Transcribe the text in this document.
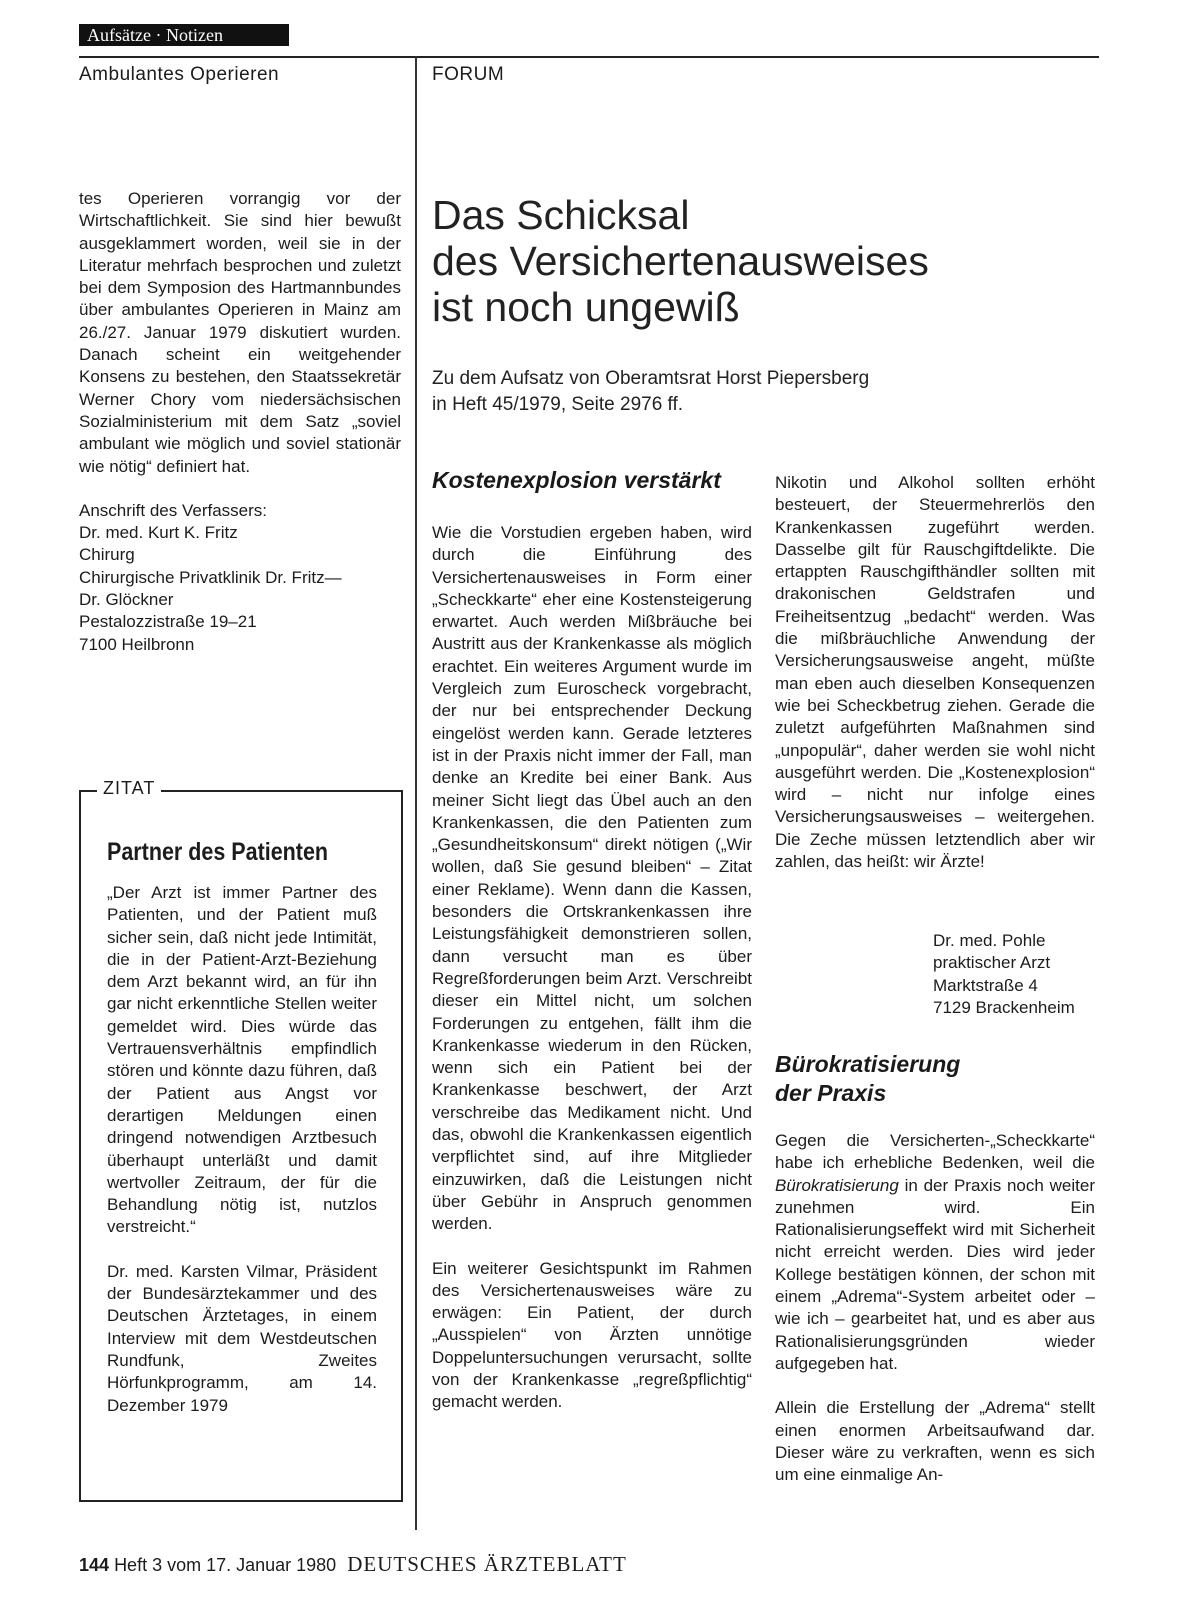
Aufsätze · Notizen
Ambulantes Operieren	FORUM

tes Operieren vorrangig vor der Wirtschaftlichkeit. Sie sind hier bewußt ausgeklammert worden, weil sie in der Literatur mehrfach besprochen und zuletzt bei dem Symposion des Hartmannbundes über ambulantes Operieren in Mainz am 26./27. Januar 1979 diskutiert wurden. Danach scheint ein weitgehender Konsens zu bestehen, den Staatssekretär Werner Chory vom niedersächsischen Sozialministerium mit dem Satz „soviel ambulant wie möglich und soviel stationär wie nötig“ definiert hat.

Anschrift des Verfassers:
Dr. med. Kurt K. Fritz
Chirurg
Chirurgische Privatklinik Dr. Fritz—
Dr. Glöckner
Pestalozzistraße 19–21
7100 Heilbronn

ZITAT
Partner des Patienten

„Der Arzt ist immer Partner des Patienten, und der Patient muß sicher sein, daß nicht jede Intimität, die in der Patient-Arzt-Beziehung dem Arzt bekannt wird, an für ihn gar nicht erkenntliche Stellen weiter gemeldet wird. Dies würde das Vertrauensverhältnis empfindlich stören und könnte dazu führen, daß der Patient aus Angst vor derartigen Meldungen einen dringend notwendigen Arztbesuch überhaupt unterläßt und damit wertvoller Zeitraum, der für die Behandlung nötig ist, nutzlos verstreicht.“

Dr. med. Karsten Vilmar, Präsident der Bundesärztekammer und des Deutschen Ärztetages, in einem Interview mit dem Westdeutschen Rundfunk, Zweites Hörfunkprogramm, am 14. Dezember 1979

Das Schicksal
des Versichertenausweises
ist noch ungewiß
Zu dem Aufsatz von Oberamtsrat Horst Piepersberg
in Heft 45/1979, Seite 2976 ff.
Kostenexplosion verstärkt

Wie die Vorstudien ergeben haben, wird durch die Einführung des Versichertenausweises in Form einer „Scheckkarte“ eher eine Kostensteigerung erwartet. Auch werden Mißbräuche bei Austritt aus der Krankenkasse als möglich erachtet. Ein weiteres Argument wurde im Vergleich zum Euroscheck vorgebracht, der nur bei entsprechender Deckung eingelöst werden kann. Gerade letzteres ist in der Praxis nicht immer der Fall, man denke an Kredite bei einer Bank. Aus meiner Sicht liegt das Übel auch an den Krankenkassen, die den Patienten zum „Gesundheitskonsum“ direkt nötigen („Wir wollen, daß Sie gesund bleiben“ – Zitat einer Reklame). Wenn dann die Kassen, besonders die Ortskrankenkassen ihre Leistungsfähigkeit demonstrieren sollen, dann versucht man es über Regreßforderungen beim Arzt. Verschreibt dieser ein Mittel nicht, um solchen Forderungen zu entgehen, fällt ihm die Krankenkasse wiederum in den Rücken, wenn sich ein Patient bei der Krankenkasse beschwert, der Arzt verschreibe das Medikament nicht. Und das, obwohl die Krankenkassen eigentlich verpflichtet sind, auf ihre Mitglieder einzuwirken, daß die Leistungen nicht über Gebühr in Anspruch genommen werden.

Ein weiterer Gesichtspunkt im Rahmen des Versichertenausweises wäre zu erwägen: Ein Patient, der durch „Ausspielen“ von Ärzten unnötige Doppeluntersuchungen verursacht, sollte von der Krankenkasse „regreßpflichtig“ gemacht werden.

Nikotin und Alkohol sollten erhöht besteuert, der Steuermehrerlös den Krankenkassen zugeführt werden. Dasselbe gilt für Rauschgiftdelikte. Die ertappten Rauschgifthändler sollten mit drakonischen Geldstrafen und Freiheitsentzug „bedacht“ werden. Was die mißbräuchliche Anwendung der Versicherungsausweise angeht, müßte man eben auch dieselben Konsequenzen wie bei Scheckbetrug ziehen. Gerade die zuletzt aufgeführten Maßnahmen sind „unpopulär“, daher werden sie wohl nicht ausgeführt werden. Die „Kostenexplosion“ wird – nicht nur infolge eines Versicherungsausweises – weitergehen. Die Zeche müssen letztendlich aber wir zahlen, das heißt: wir Ärzte!

Dr. med. Pohle
praktischer Arzt
Marktstraße 4
7129 Brackenheim
Bürokratisierung
der Praxis

Gegen die Versicherten-„Scheckkarte“ habe ich erhebliche Bedenken, weil die Bürokratisierung in der Praxis noch weiter zunehmen wird. Ein Rationalisierungseffekt wird mit Sicherheit nicht erreicht werden. Dies wird jeder Kollege bestätigen können, der schon mit einem „Adrema“-System arbeitet oder – wie ich – gearbeitet hat, und es aber aus Rationalisierungsgründen wieder aufgegeben hat.

Allein die Erstellung der „Adrema“ stellt einen enormen Arbeitsaufwand dar. Dieser wäre zu verkraften, wenn es sich um eine einmalige An-

144 Heft 3 vom 17. Januar 1980 DEUTSCHES ÄRZTEBLATT
